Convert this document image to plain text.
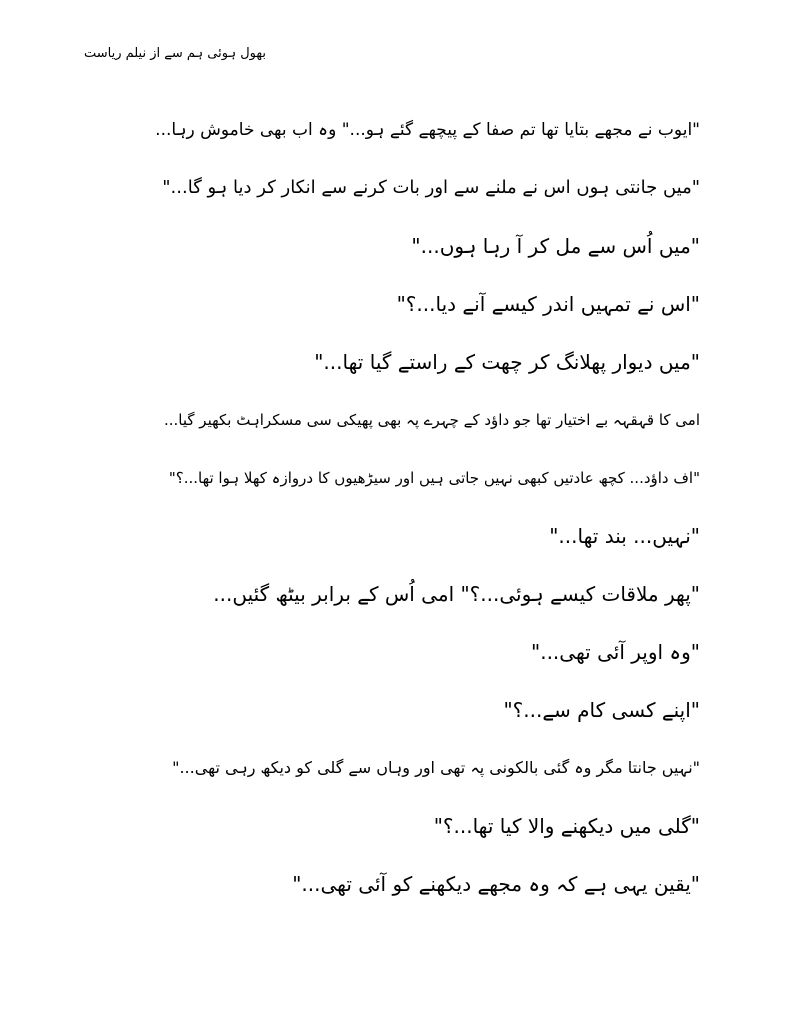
بھول ہوئی ہم سے از نیلم ریاست

"ایوب نے مجھے بتایا تھا تم صفا کے پیچھے گئے ہو..." وہ اب بھی خاموش رہا...

"میں جانتی ہوں اس نے ملنے سے اور بات کرنے سے انکار کر دیا ہو گا..."

"میں اُس سے مل کر آ رہا ہوں..."

"اس نے تمہیں اندر کیسے آنے دیا...؟"

"میں دیوار پھلانگ کر چھت کے راستے گیا تھا..."

امی کا قہقہہ بے اختیار تھا جو داؤد کے چہرے پہ بھی پھیکی سی مسکراہٹ بکھیر گیا...

"اف داؤد... کچھ عادتیں کبھی نہیں جاتی ہیں اور سیڑھیوں کا دروازہ کھلا ہوا تھا...؟"

"نہیں... بند تھا..."

"پھر ملاقات کیسے ہوئی...؟" امی اُس کے برابر بیٹھ گئیں...

"وہ اوپر آئی تھی..."

"اپنے کسی کام سے...؟"

"نہیں جانتا مگر وہ گئی بالکونی پہ تھی اور وہاں سے گلی کو دیکھ رہی تھی..."

"گلی میں دیکھنے والا کیا تھا...؟"

"یقین یہی ہے کہ وہ مجھے دیکھنے کو آئی تھی..."
